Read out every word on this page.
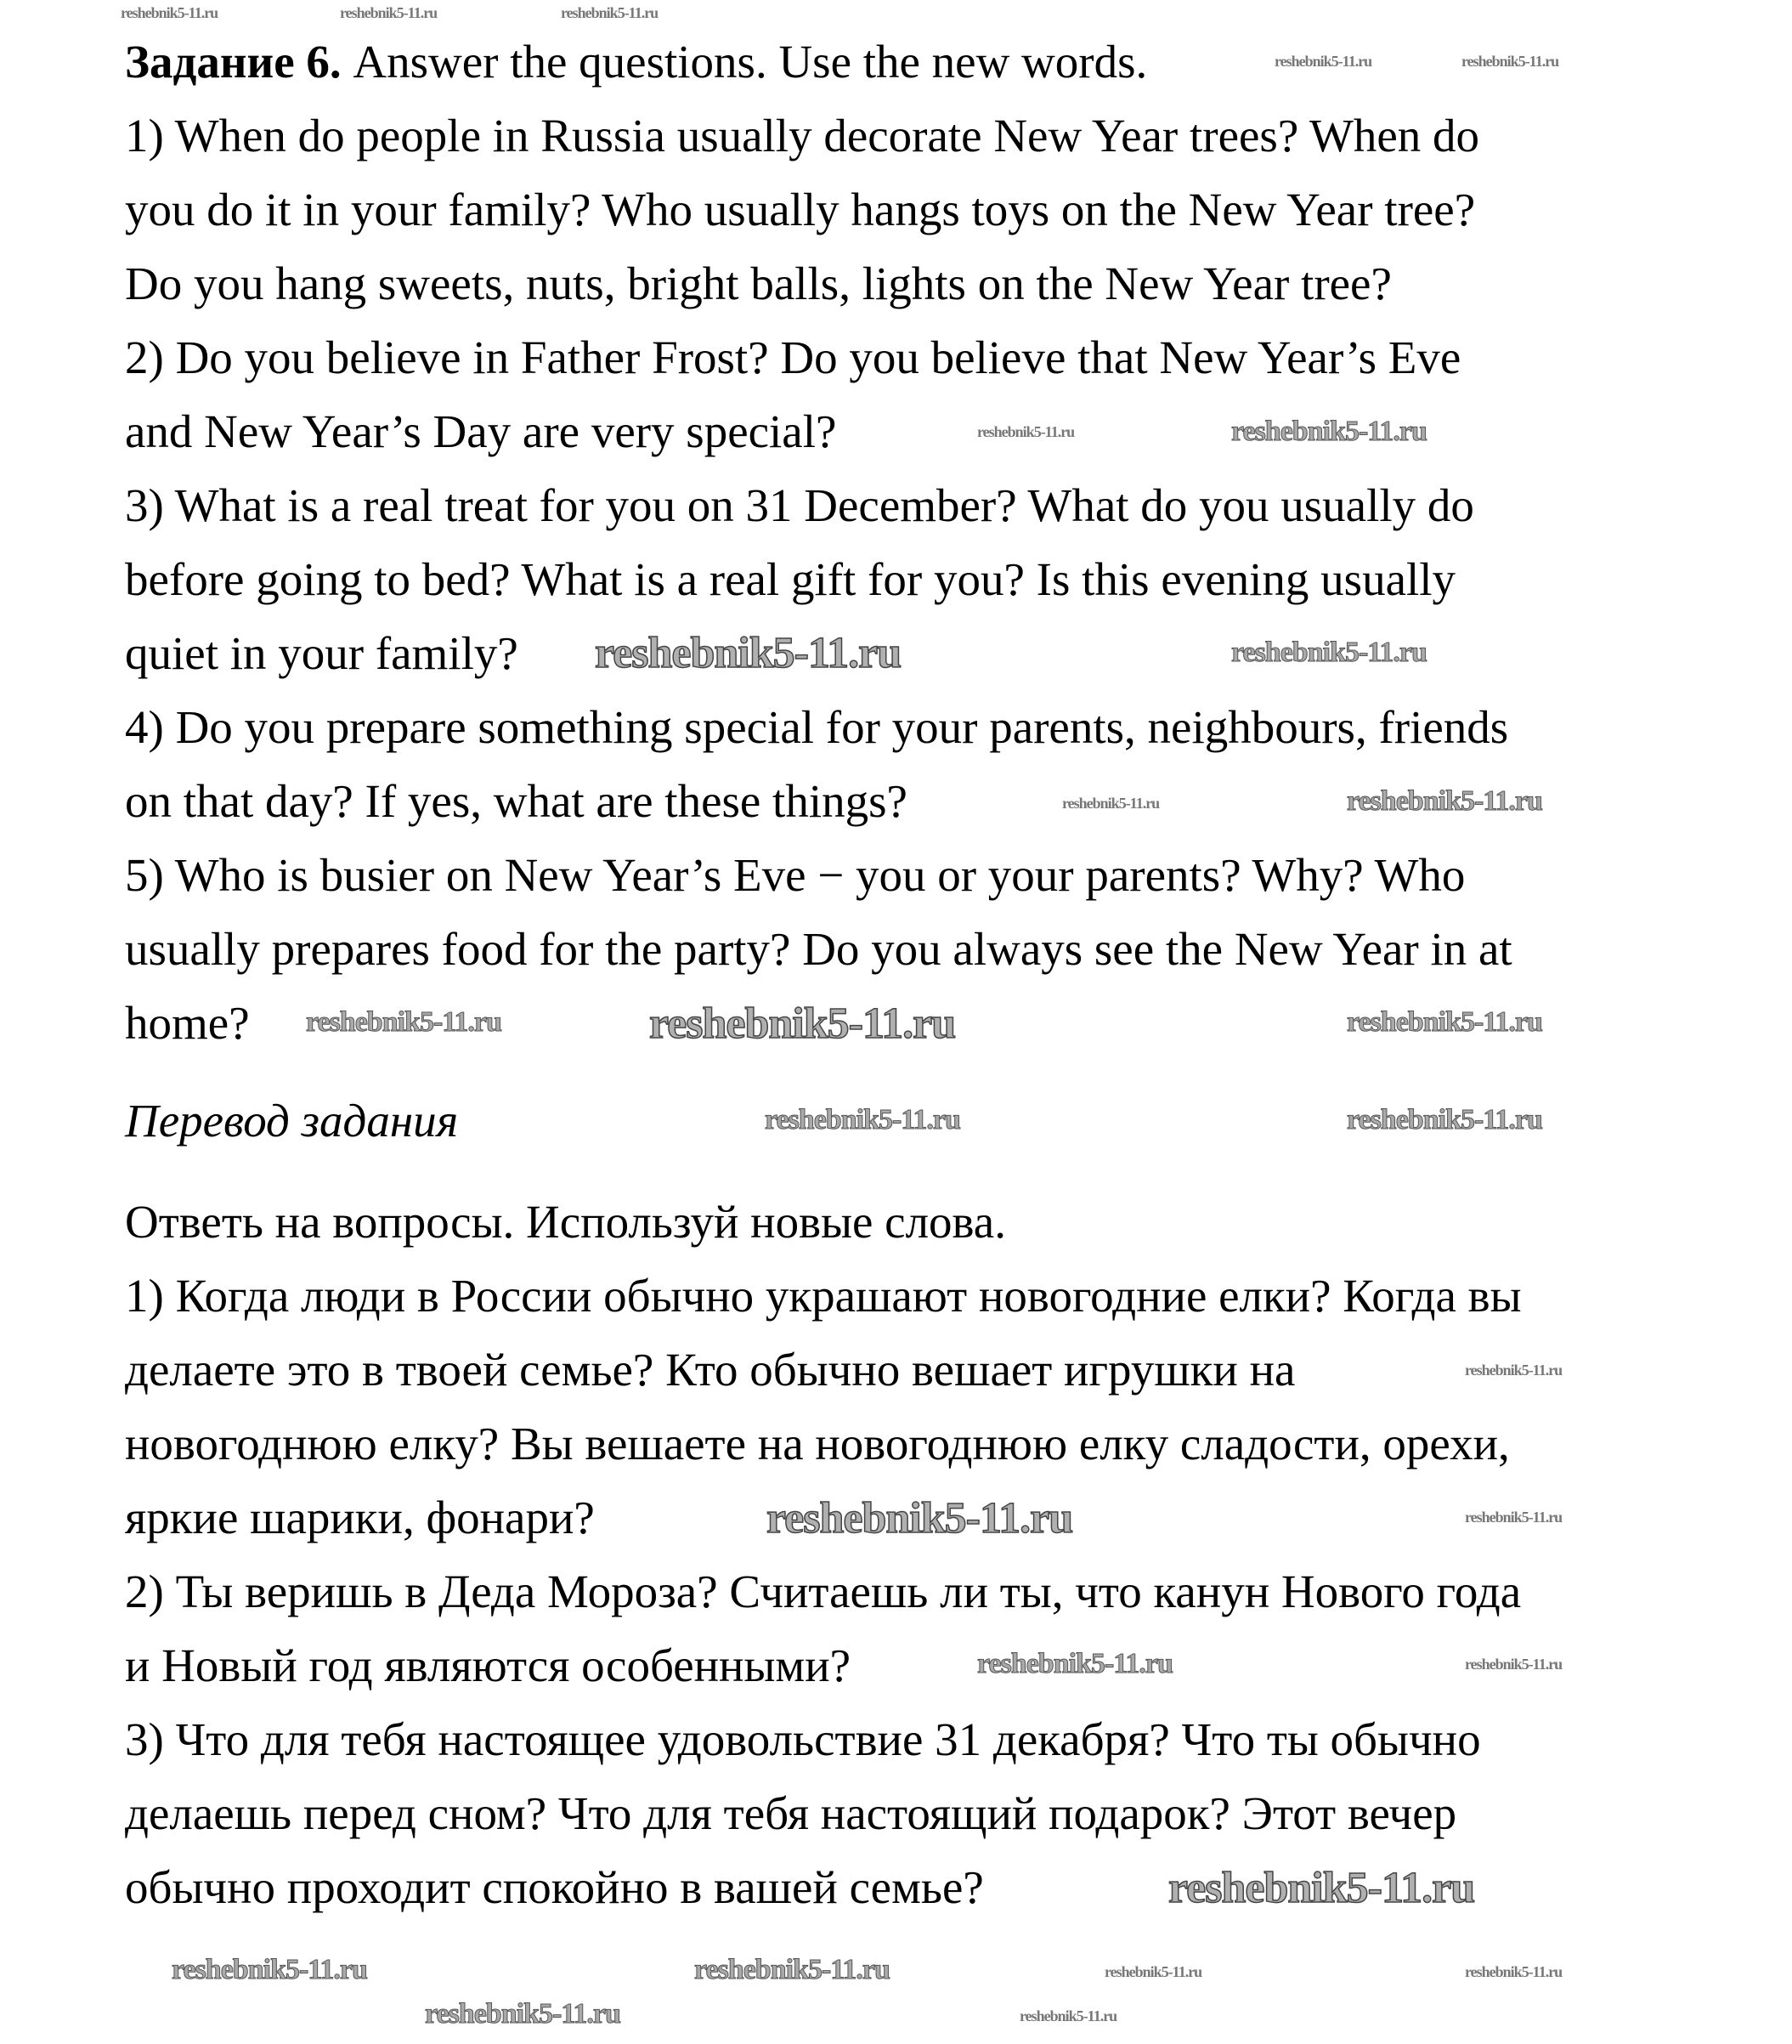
Задание 6. Answer the questions. Use the new words.
1) When do people in Russia usually decorate New Year trees? When do
you do it in your family? Who usually hangs toys on the New Year tree?
Do you hang sweets, nuts, bright balls, lights on the New Year tree?
2) Do you believe in Father Frost? Do you believe that New Year’s Eve
and New Year’s Day are very special?
3) What is a real treat for you on 31 December? What do you usually do
before going to bed? What is a real gift for you? Is this evening usually
quiet in your family?
4) Do you prepare something special for your parents, neighbours, friends
on that day? If yes, what are these things?
5) Who is busier on New Year’s Eve − you or your parents? Why? Who
usually prepares food for the party? Do you always see the New Year in at
home?
Перевод задания
Ответь на вопросы. Используй новые слова.
1) Когда люди в России обычно украшают новогодние елки? Когда вы
делаете это в твоей семье? Кто обычно вешает игрушки на
новогоднюю елку? Вы вешаете на новогоднюю елку сладости, орехи,
яркие шарики, фонари?
2) Ты веришь в Деда Мороза? Считаешь ли ты, что канун Нового года
и Новый год являются особенными?
3) Что для тебя настоящее удовольствие 31 декабря? Что ты обычно
делаешь перед сном? Что для тебя настоящий подарок? Этот вечер
обычно проходит спокойно в вашей семье?
reshebnik5-11.ru	reshebnik5-11.ru	reshebnik5-11.ru
reshebnik5-11.ru	reshebnik5-11.ru
reshebnik5-11.ru
reshebnik5-11.ru
reshebnik5-11.ru	reshebnik5-11.ru
reshebnik5-11.ru	reshebnik5-11.ru
reshebnik5-11.ru	reshebnik5-11.ru	reshebnik5-11.ru
reshebnik5-11.ru	reshebnik5-11.ru
reshebnik5-11.ru
reshebnik5-11.ru	reshebnik5-11.ru
reshebnik5-11.ru	reshebnik5-11.ru
reshebnik5-11.ru
reshebnik5-11.ru	reshebnik5-11.ru	reshebnik5-11.ru	reshebnik5-11.ru
reshebnik5-11.ru	reshebnik5-11.ru
